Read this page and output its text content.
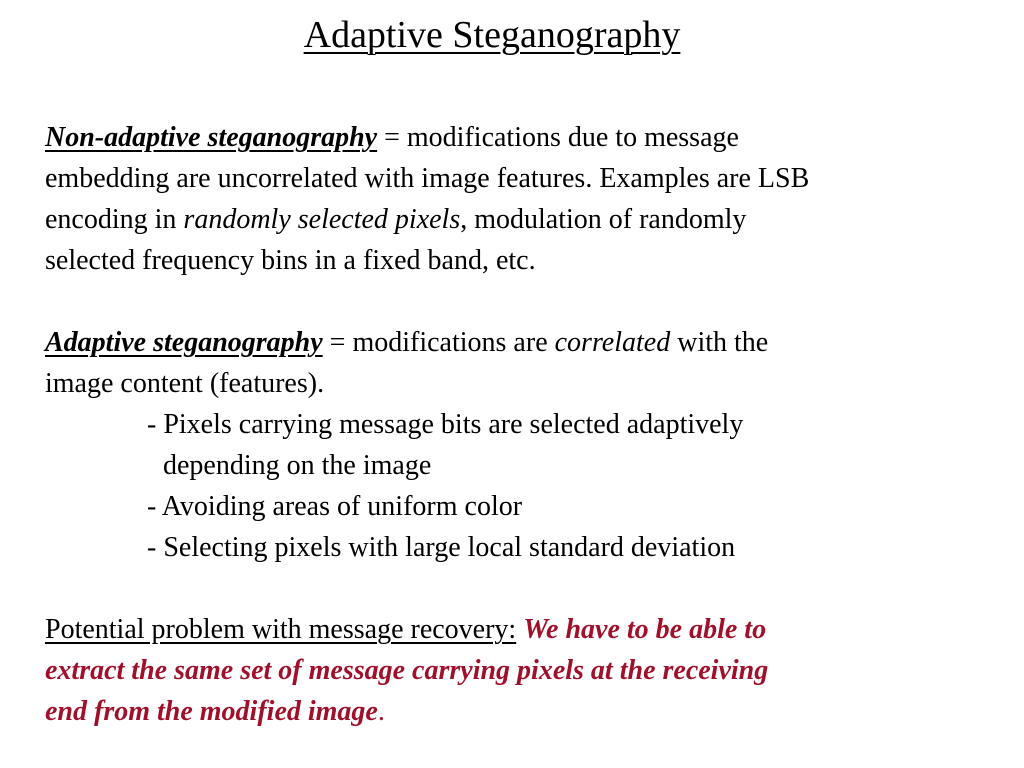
Adaptive Steganography
Non-adaptive steganography = modifications due to message
embedding are uncorrelated with image features. Examples are LSB
encoding in randomly selected pixels, modulation of randomly
selected frequency bins in a fixed band, etc.
Adaptive steganography = modifications are correlated with the
image content (features).
- Pixels carrying message bits are selected adaptively
depending on the image
- Avoiding areas of uniform color
- Selecting pixels with large local standard deviation
Potential problem with message recovery: We have to be able to
extract the same set of message carrying pixels at the receiving
end from the modified image.
